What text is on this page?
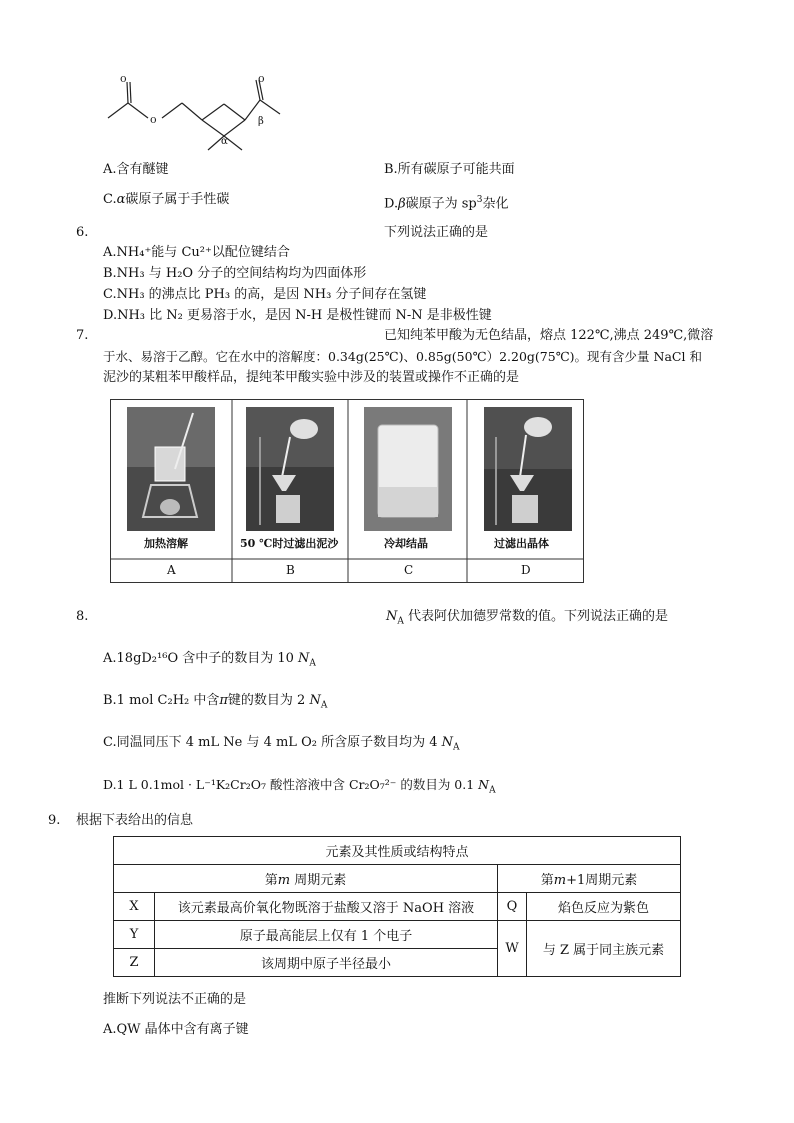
o
o	o
α
β
A.含有醚键	B.所有碳原子可能共面
C.α碳原子属于手性碳	D.β碳原子为 $sp^3$杂化
6.	下列说法正确的是
A.NH₄⁺能与 Cu²⁺以配位键结合
B.NH₃ 与 H₂O 分子的空间结构均为四面体形
C.NH₃ 的沸点比 PH₃ 的高，是因 NH₃ 分子间存在氢键
D.NH₃ 比 N₂ 更易溶于水，是因 N-H 是极性键而 N-N 是非极性键
7.	已知纯苯甲酸为无色结晶，熔点 122℃,沸点 249℃,微溶
于水、易溶于乙醇。它在水中的溶解度：0.34g(25℃)、0.85g(50℃）2.20g(75℃)。现有含少量 NaCl 和
泥沙的某粗苯甲酸样品，提纯苯甲酸实验中涉及的装置或操作不正确的是
加热溶解	50 ℃时过滤出泥沙	冷却结晶	过滤出晶体
A	B	C	D
8.	$N_A$ 代表阿伏加德罗常数的值。下列说法正确的是
A.18gD₂¹⁶O 含中子的数目为 10 $N_A$
B.1 mol C₂H₂ 中含π键的数目为 2 $N_A$
C.同温同压下 4 mL Ne 与 4 mL O₂ 所含原子数目均为 4 $N_A$
D.1 L 0.1mol · L⁻¹K₂Cr₂O₇ 酸性溶液中含 Cr₂O₇²⁻ 的数目为 0.1 $N_A$
9. 根据下表给出的信息
元素及其性质或结构特点			
第m 周期元素		第m+1周期元素	
X	该元素最高价氧化物既溶于盐酸又溶于 NaOH 溶液	Q	焰色反应为紫色
Y	原子最高能层上仅有 1 个电子	W	与 Z 属于同主族元素
Z	该周期中原子半径最小		
推断下列说法不正确的是
A.QW 晶体中含有离子键
